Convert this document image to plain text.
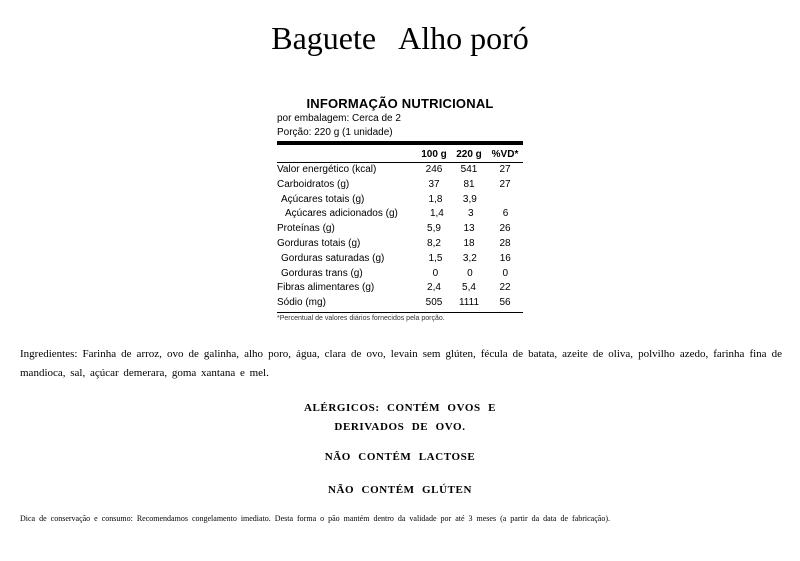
Baguete Alho poró
INFORMAÇÃO NUTRICIONAL
por embalagem: Cerca de 2
Porção: 220 g (1 unidade)
100 g 220 g %VD*
Valor energético (kcal)	246	541	27
Carboidratos (g)	37	81	27
Açúcares totais (g)	1,8	3,9
Açúcares adicionados (g)	1,4	3	6
Proteínas (g)	5,9	13	26
Gorduras totais (g)	8,2	18	28
Gorduras saturadas (g)	1,5	3,2	16
Gorduras trans (g)	0	0	0
Fibras alimentares (g)	2,4	5,4	22
Sódio (mg)	505	1111	56
*Percentual de valores diários fornecidos pela porção.
Ingredientes: Farinha de arroz, ovo de galinha, alho poro, água, clara de ovo, levain sem glúten, fécula de batata, azeite de oliva, polvilho azedo, farinha fina de mandioca, sal, açúcar demerara, goma xantana e mel.
ALÉRGICOS: CONTÉM OVOS E
DERIVADOS DE OVO.
NÃO CONTÉM LACTOSE
NÃO CONTÉM GLÚTEN
Dica de conservação e consumo: Recomendamos congelamento imediato. Desta forma o pão mantém dentro da validade por até 3 meses (a partir da data de fabricação).
